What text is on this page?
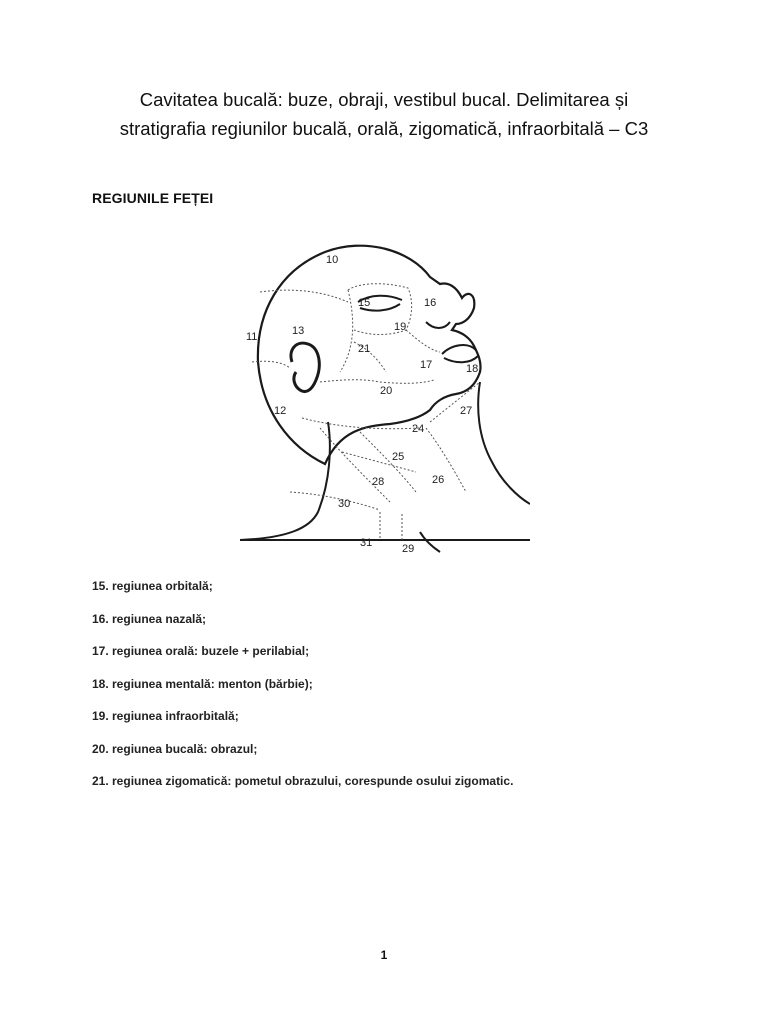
Cavitatea bucală: buze, obraji, vestibul bucal. Delimitarea și
stratigrafia regiunilor bucală, orală, zigomatică, infraorbitală – C3
REGIUNILE FEȚEI
10
11
12
13
15	16
17	18
19
20
21
24
25
26
27
28
29
30
31
15. regiunea orbitală;
16. regiunea nazală;
17. regiunea orală: buzele + perilabial;
18. regiunea mentală: menton (bărbie);
19. regiunea infraorbitală;
20. regiunea bucală: obrazul;
21. regiunea zigomatică: pometul obrazului, corespunde osului zigomatic.
1
